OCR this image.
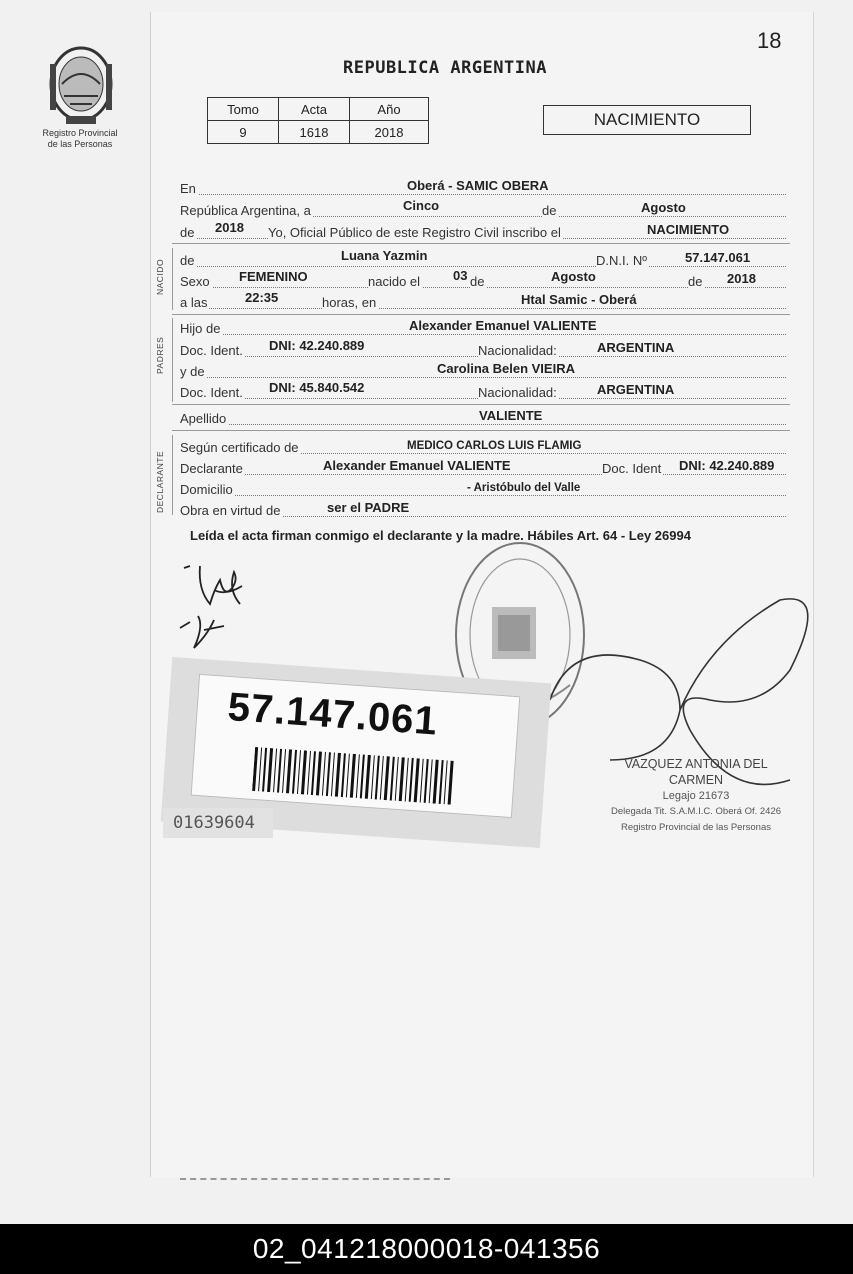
18
Registro Provincial
de las Personas
REPUBLICA ARGENTINA
Tomo	Acta	Año
9	1618	2018
NACIMIENTO
En	Oberá - SAMIC OBERA
República Argentina, a	Cinco	de	Agosto
de 2018 Yo, Oficial Público de este Registro Civil inscribo el	NACIMIENTO
NACIDO de	Luana Yazmin	D.N.I. Nº	57.147.061
Sexo FEMENINO	nacido el	03 de	Agosto	de 2018
a las	22:35	horas, en	Htal Samic - Oberá
PADRES
Hijo de	Alexander Emanuel VALIENTE
Doc. Ident. DNI: 42.240.889	Nacionalidad:	ARGENTINA
y de	Carolina Belen VIEIRA
Doc. Ident. DNI: 45.840.542	Nacionalidad:	ARGENTINA
Apellido	VALIENTE
DECLARANTE
Según certificado de	MEDICO CARLOS LUIS FLAMIG
Declarante	Alexander Emanuel VALIENTE	Doc. Ident DNI: 42.240.889
Domicilio	- Aristóbulo del Valle
Obra en virtud de	ser el PADRE
Leída el acta firman conmigo el declarante y la madre. Hábiles Art. 64 - Ley 26994
VAZQUEZ ANTONIA DEL CARMEN
Legajo 21673
Delegada Tit. S.A.M.I.C. Oberá Of. 2426
Registro Provincial de las Personas
57.147.061
01639604
02_041218000018-041356
